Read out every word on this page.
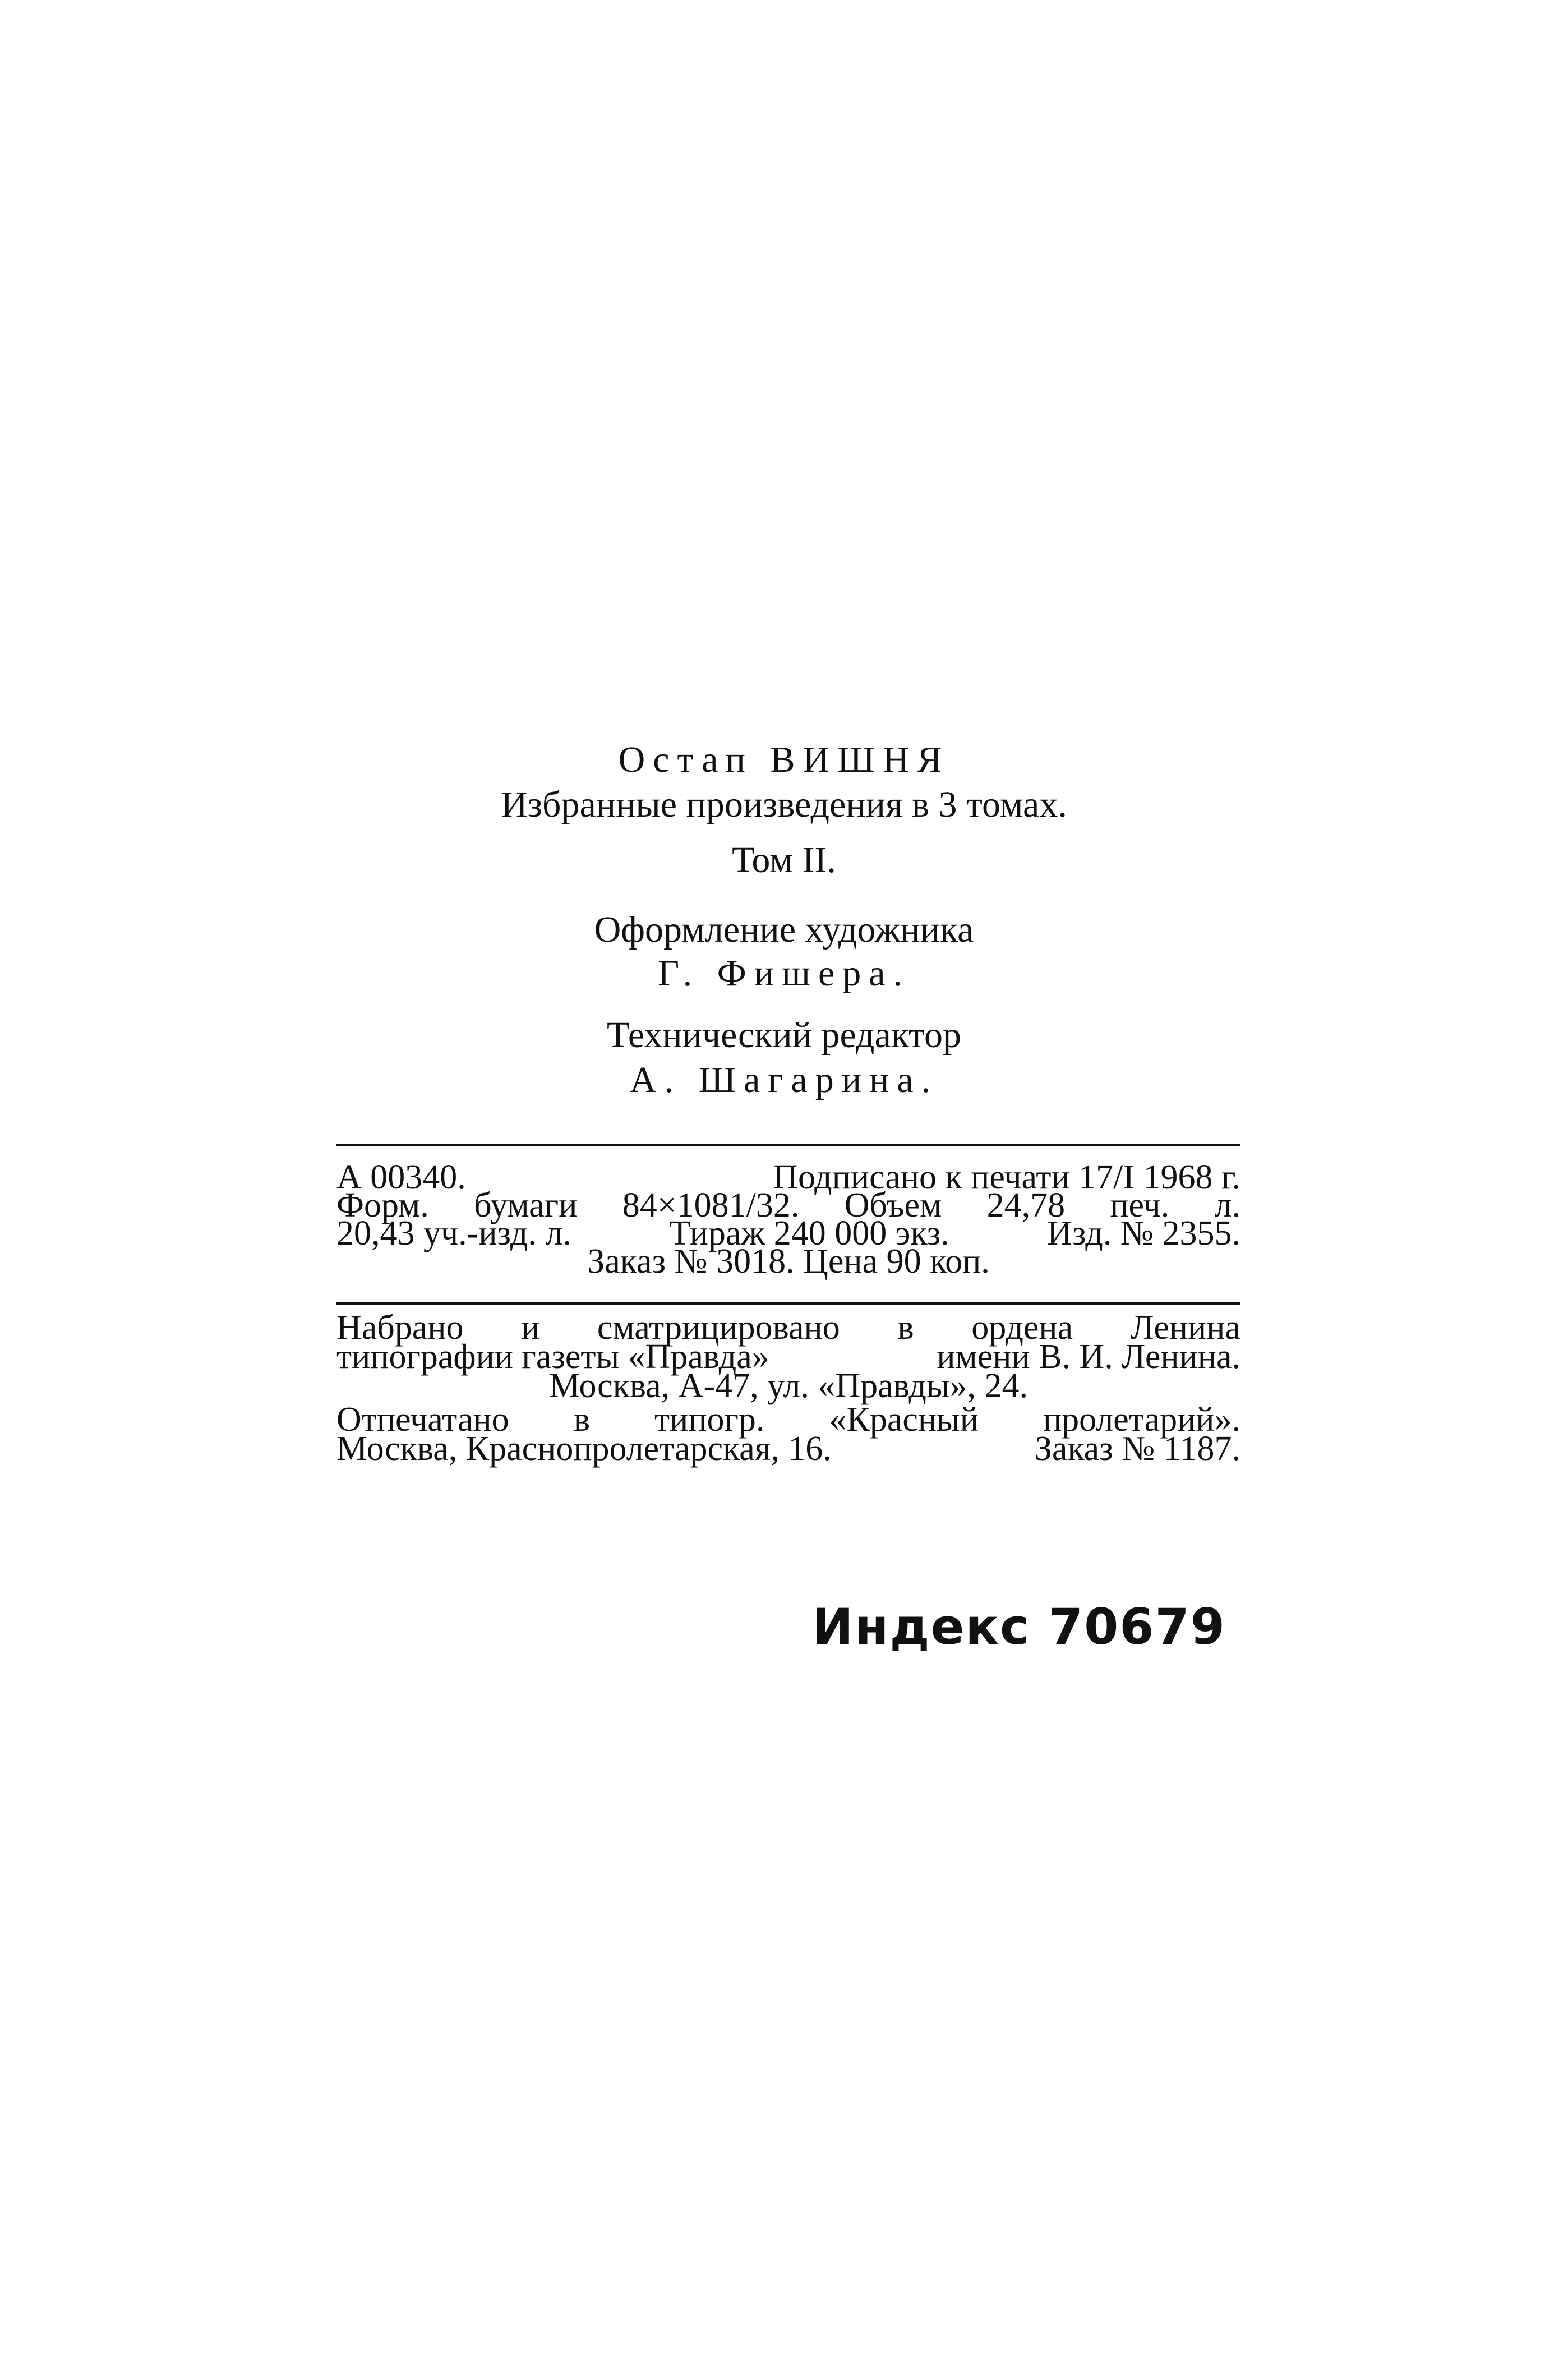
Остап ВИШНЯ
Избранные произведения в 3 томах.
Том II.
Оформление художника
Г. Фишера.
Технический редактор
А. Шагарина.
А 00340.	Подписано к печати 17/I 1968 г.
Форм. бумаги 84×1081/32. Объем 24,78 печ. л.
20,43 уч.-изд. л.	Тираж 240 000 экз.	Изд. № 2355.
Заказ № 3018. Цена 90 коп.
Набрано и сматрицировано в ордена Ленина
типографии газеты «Правда»	имени В. И. Ленина.
Москва, А-47, ул. «Правды», 24.
Отпечатано в типогр. «Красный пролетарий».
Москва, Краснопролетарская, 16.	Заказ № 1187.
Индекс 70679
